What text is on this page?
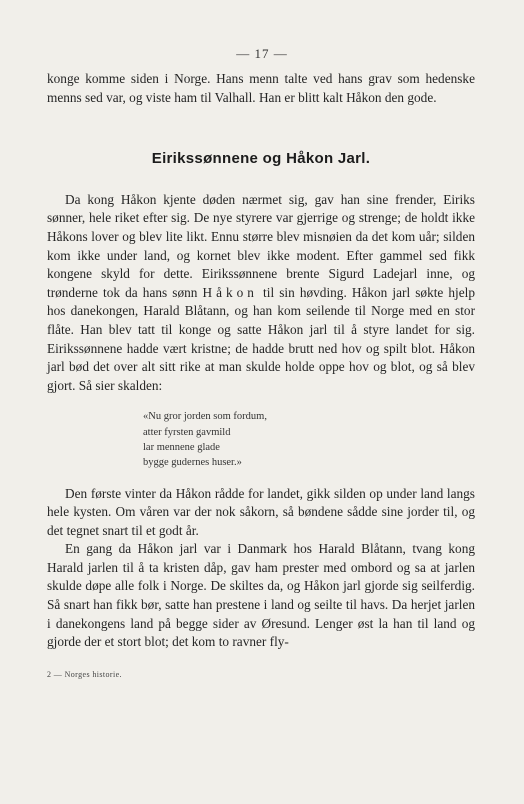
— 17 —

konge komme siden i Norge. Hans menn talte ved hans grav som hedenske menns sed var, og viste ham til Valhall. Han er blitt kalt Håkon den gode.

Eirikssønnene og Håkon Jarl.

Da kong Håkon kjente døden nærmet sig, gav han sine frender, Eiriks sønner, hele riket efter sig. De nye styrere var gjerrige og strenge; de holdt ikke Håkons lover og blev lite likt. Ennu større blev misnøien da det kom uår; silden kom ikke under land, og kornet blev ikke modent. Efter gammel sed fikk kongene skyld for dette. Eirikssønnene brente Sigurd Ladejarl inne, og trønderne tok da hans sønn Håkon til sin høvding. Håkon jarl søkte hjelp hos danekongen, Harald Blåtann, og han kom seilende til Norge med en stor flåte. Han blev tatt til konge og satte Håkon jarl til å styre landet for sig. Eirikssønnene hadde vært kristne; de hadde brutt ned hov og spilt blot. Håkon jarl bød det over alt sitt rike at man skulde holde oppe hov og blot, og så blev gjort. Så sier skalden:

«Nu gror jorden som fordum,
atter fyrsten gavmild
lar mennene glade
bygge gudernes huser.»

Den første vinter da Håkon rådde for landet, gikk silden op under land langs hele kysten. Om våren var der nok såkorn, så bøndene sådde sine jorder til, og det tegnet snart til et godt år.

En gang da Håkon jarl var i Danmark hos Harald Blåtann, tvang kong Harald jarlen til å ta kristen dåp, gav ham prester med ombord og sa at jarlen skulde døpe alle folk i Norge. De skiltes da, og Håkon jarl gjorde sig seilferdig. Så snart han fikk bør, satte han prestene i land og seilte til havs. Da herjet jarlen i danekongens land på begge sider av Øresund. Lenger øst la han til land og gjorde der et stort blot; det kom to ravner fly-

2 — Norges historie.
